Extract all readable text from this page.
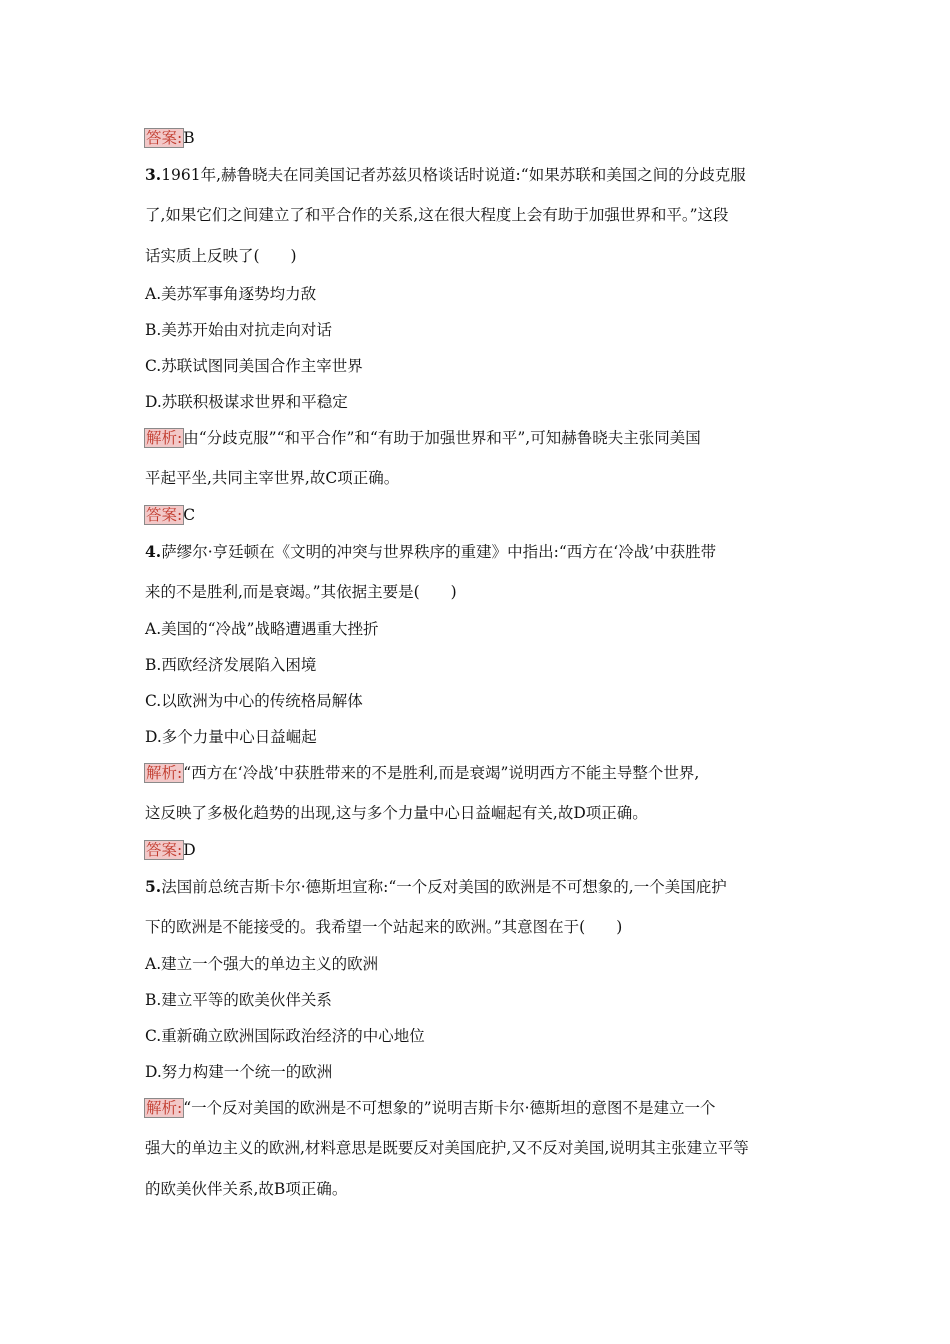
答案:B
3.1961年,赫鲁晓夫在同美国记者苏兹贝格谈话时说道:“如果苏联和美国之间的分歧克服
了,如果它们之间建立了和平合作的关系,这在很大程度上会有助于加强世界和平。”这段
话实质上反映了(　　)
A.美苏军事角逐势均力敌
B.美苏开始由对抗走向对话
C.苏联试图同美国合作主宰世界
D.苏联积极谋求世界和平稳定
解析:由“分歧克服”“和平合作”和“有助于加强世界和平”,可知赫鲁晓夫主张同美国
平起平坐,共同主宰世界,故C项正确。
答案:C
4.萨缪尔·亨廷顿在《文明的冲突与世界秩序的重建》中指出:“西方在‘冷战’中获胜带
来的不是胜利,而是衰竭。”其依据主要是(　　)
A.美国的“冷战”战略遭遇重大挫折
B.西欧经济发展陷入困境
C.以欧洲为中心的传统格局解体
D.多个力量中心日益崛起
解析:“西方在‘冷战’中获胜带来的不是胜利,而是衰竭”说明西方不能主导整个世界,
这反映了多极化趋势的出现,这与多个力量中心日益崛起有关,故D项正确。
答案:D
5.法国前总统吉斯卡尔·德斯坦宣称:“一个反对美国的欧洲是不可想象的,一个美国庇护
下的欧洲是不能接受的。我希望一个站起来的欧洲。”其意图在于(　　)
A.建立一个强大的单边主义的欧洲
B.建立平等的欧美伙伴关系
C.重新确立欧洲国际政治经济的中心地位
D.努力构建一个统一的欧洲
解析:“一个反对美国的欧洲是不可想象的”说明吉斯卡尔·德斯坦的意图不是建立一个
强大的单边主义的欧洲,材料意思是既要反对美国庇护,又不反对美国,说明其主张建立平等
的欧美伙伴关系,故B项正确。
